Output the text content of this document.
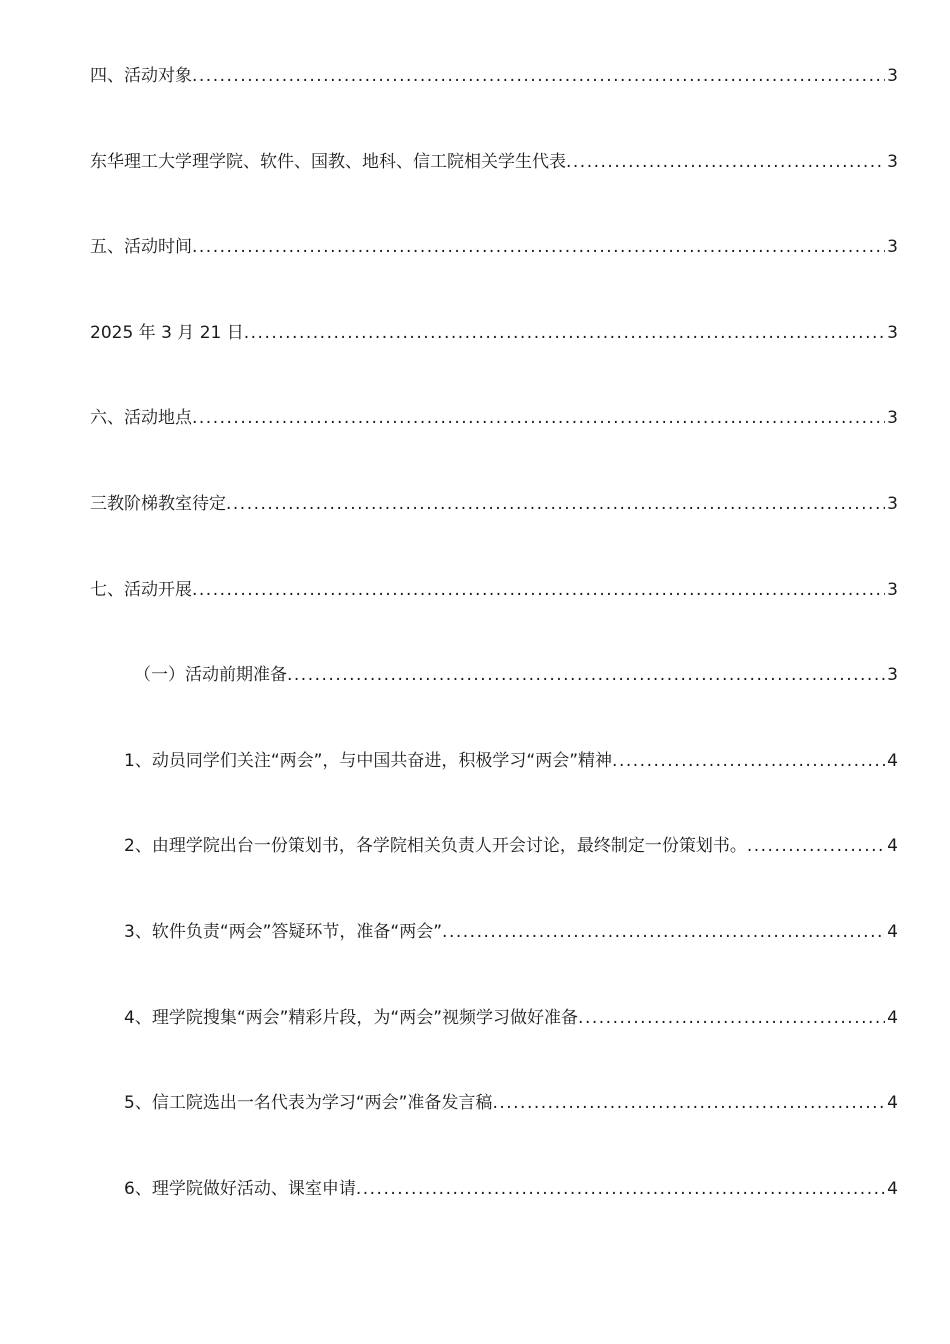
四、活动对象 .....	3
东华理工大学理学院、软件、国教、地科、信工院相关学生代表 .....	3
五、活动时间 .....	3
2025 年 3 月 21 日 .....	3
六、活动地点 .....	3
三教阶梯教室待定 .....	3
七、活动开展 .....	3
（一）活动前期准备 .....	3
1、动员同学们关注“两会”，与中国共奋进，积极学习“两会”精神 .....	4
2、由理学院出台一份策划书，各学院相关负责人开会讨论，最终制定一份策划书。 .....	4
3、软件负责“两会”答疑环节，准备“两会” .....	4
4、理学院搜集“两会”精彩片段，为“两会”视频学习做好准备 .....	4
5、信工院选出一名代表为学习“两会”准备发言稿 .....	4
6、理学院做好活动、课室申请 .....	4
